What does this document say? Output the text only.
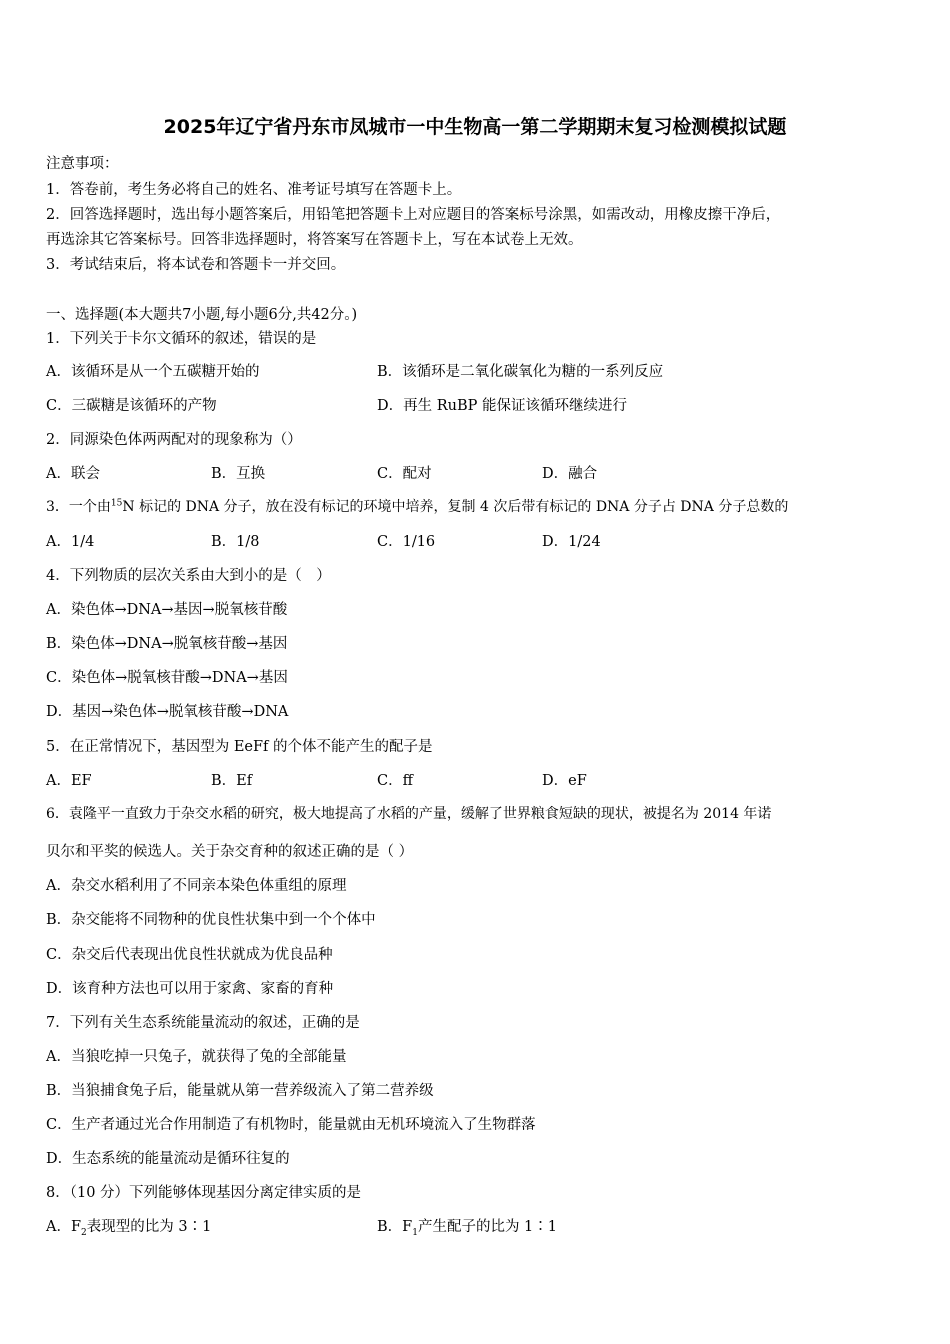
2025年辽宁省丹东市凤城市一中生物高一第二学期期末复习检测模拟试题
注意事项：
1．答卷前，考生务必将自己的姓名、准考证号填写在答题卡上。
2．回答选择题时，选出每小题答案后，用铅笔把答题卡上对应题目的答案标号涂黑，如需改动，用橡皮擦干净后，
再选涂其它答案标号。回答非选择题时，将答案写在答题卡上，写在本试卷上无效。
3．考试结束后，将本试卷和答题卡一并交回。
一、选择题(本大题共7小题,每小题6分,共42分。)
1．下列关于卡尔文循环的叙述，错误的是
A．该循环是从一个五碳糖开始的	B．该循环是二氧化碳氧化为糖的一系列反应
C．三碳糖是该循环的产物	D．再生 RuBP 能保证该循环继续进行
2．同源染色体两两配对的现象称为（）
A．联会	B．互换	C．配对	D．融合
3．一个由$^{15}$N 标记的 DNA 分子，放在没有标记的环境中培养，复制 4 次后带有标记的 DNA 分子占 DNA 分子总数的
A．1/4	B．1/8	C．1/16	D．1/24
4．下列物质的层次关系由大到小的是（　）
A．染色体→DNA→基因→脱氧核苷酸
B．染色体→DNA→脱氧核苷酸→基因
C．染色体→脱氧核苷酸→DNA→基因
D．基因→染色体→脱氧核苷酸→DNA
5．在正常情况下，基因型为 EeFf 的个体不能产生的配子是
A．EF	B．Ef	C．ff	D．eF
6．袁隆平一直致力于杂交水稻的研究，极大地提高了水稻的产量，缓解了世界粮食短缺的现状，被提名为 2014 年诺
贝尔和平奖的候选人。关于杂交育种的叙述正确的是（ ）
A．杂交水稻利用了不同亲本染色体重组的原理
B．杂交能将不同物种的优良性状集中到一个个体中
C．杂交后代表现出优良性状就成为优良品种
D．该育种方法也可以用于家禽、家畜的育种
7．下列有关生态系统能量流动的叙述，正确的是
A．当狼吃掉一只兔子，就获得了兔的全部能量
B．当狼捕食兔子后，能量就从第一营养级流入了第二营养级
C．生产者通过光合作用制造了有机物时，能量就由无机环境流入了生物群落
D．生态系统的能量流动是循环往复的
8．（10 分）下列能够体现基因分离定律实质的是
A．$F_2$表现型的比为 3∶1	B．$F_1$产生配子的比为 1∶1
